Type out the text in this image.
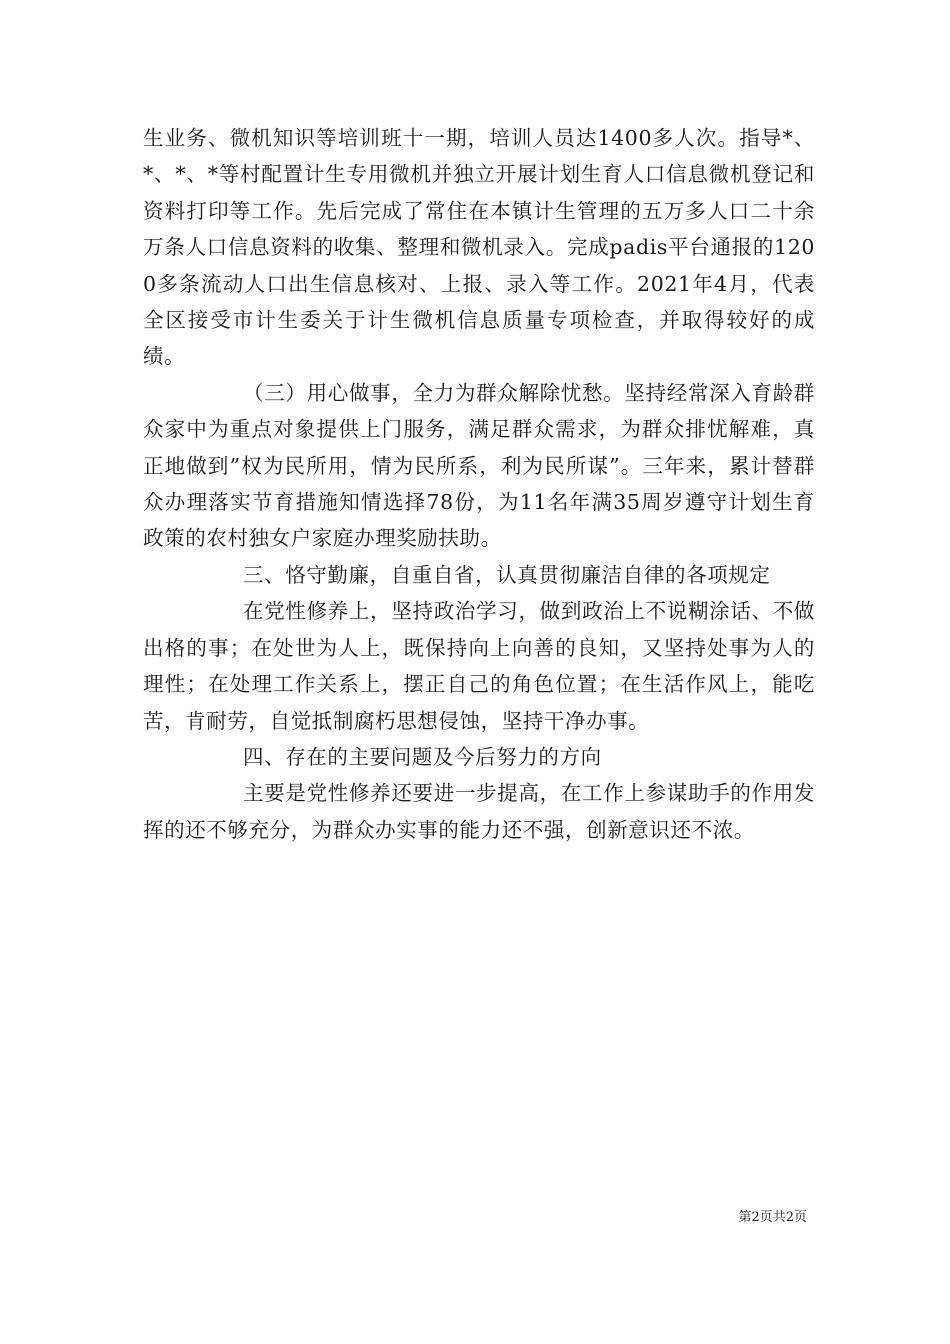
生业务、微机知识等培训班十一期，培训人员达1400多人次。指导*、*、*、*等村配置计生专用微机并独立开展计划生育人口信息微机登记和资料打印等工作。先后完成了常住在本镇计生管理的五万多人口二十余万条人口信息资料的收集、整理和微机录入。完成padis平台通报的1200多条流动人口出生信息核对、上报、录入等工作。2021年4月，代表全区接受市计生委关于计生微机信息质量专项检查，并取得较好的成绩。

（三）用心做事，全力为群众解除忧愁。坚持经常深入育龄群众家中为重点对象提供上门服务，满足群众需求，为群众排忧解难，真正地做到”权为民所用，情为民所系，利为民所谋”。三年来，累计替群众办理落实节育措施知情选择78份，为11名年满35周岁遵守计划生育政策的农村独女户家庭办理奖励扶助。

三、恪守勤廉，自重自省，认真贯彻廉洁自律的各项规定

在党性修养上，坚持政治学习，做到政治上不说糊涂话、不做出格的事；在处世为人上，既保持向上向善的良知，又坚持处事为人的理性；在处理工作关系上，摆正自己的角色位置；在生活作风上，能吃苦，肯耐劳，自觉抵制腐朽思想侵蚀，坚持干净办事。

四、存在的主要问题及今后努力的方向

主要是党性修养还要进一步提高，在工作上参谋助手的作用发挥的还不够充分，为群众办实事的能力还不强，创新意识还不浓。

第2页共2页
